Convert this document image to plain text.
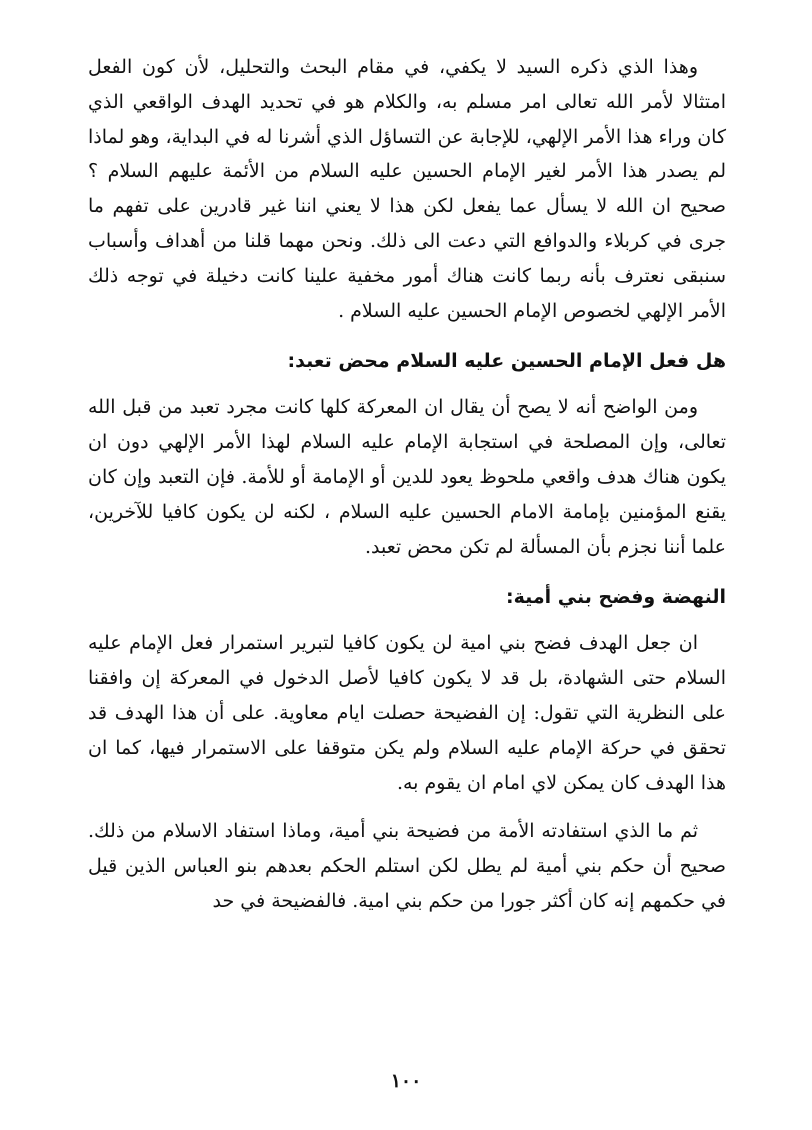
وهذا الذي ذكره السيد لا يكفي، في مقام البحث والتحليل، لأن كون الفعل امتثالا لأمر الله تعالى امر مسلم به، والكلام هو في تحديد الهدف الواقعي الذي كان وراء هذا الأمر الإلهي، للإجابة عن التساؤل الذي أشرنا له في البداية، وهو لماذا لم يصدر هذا الأمر لغير الإمام الحسين عليه السلام من الأئمة عليهم السلام ؟ صحيح ان الله لا يسأل عما يفعل لكن هذا لا يعني اننا غير قادرين على تفهم ما جرى في كربلاء والدوافع التي دعت الى ذلك. ونحن مهما قلنا من أهداف وأسباب سنبقى نعترف بأنه ربما كانت هناك أمور مخفية علينا كانت دخيلة في توجه ذلك الأمر الإلهي لخصوص الإمام الحسين عليه السلام .

هل فعل الإمام الحسين عليه السلام محض تعبد:

ومن الواضح أنه لا يصح أن يقال ان المعركة كلها كانت مجرد تعبد من قبل الله تعالى، وإن المصلحة في استجابة الإمام عليه السلام لهذا الأمر الإلهي دون ان يكون هناك هدف واقعي ملحوظ يعود للدين أو الإمامة أو للأمة. فإن التعبد وإن كان يقنع المؤمنين بإمامة الامام الحسين عليه السلام ، لكنه لن يكون كافيا للآخرين، علما أننا نجزم بأن المسألة لم تكن محض تعبد.

النهضة وفضح بني أمية:

ان جعل الهدف فضح بني امية لن يكون كافيا لتبرير استمرار فعل الإمام عليه السلام حتى الشهادة، بل قد لا يكون كافيا لأصل الدخول في المعركة إن وافقنا على النظرية التي تقول: إن الفضيحة حصلت ايام معاوية. على أن هذا الهدف قد تحقق في حركة الإمام عليه السلام ولم يكن متوقفا على الاستمرار فيها، كما ان هذا الهدف كان يمكن لاي امام ان يقوم به.

ثم ما الذي استفادته الأمة من فضيحة بني أمية، وماذا استفاد الاسلام من ذلك. صحيح أن حكم بني أمية لم يطل لكن استلم الحكم بعدهم بنو العباس الذين قيل في حكمهم إنه كان أكثر جورا من حكم بني امية. فالفضيحة في حد

١٠٠
